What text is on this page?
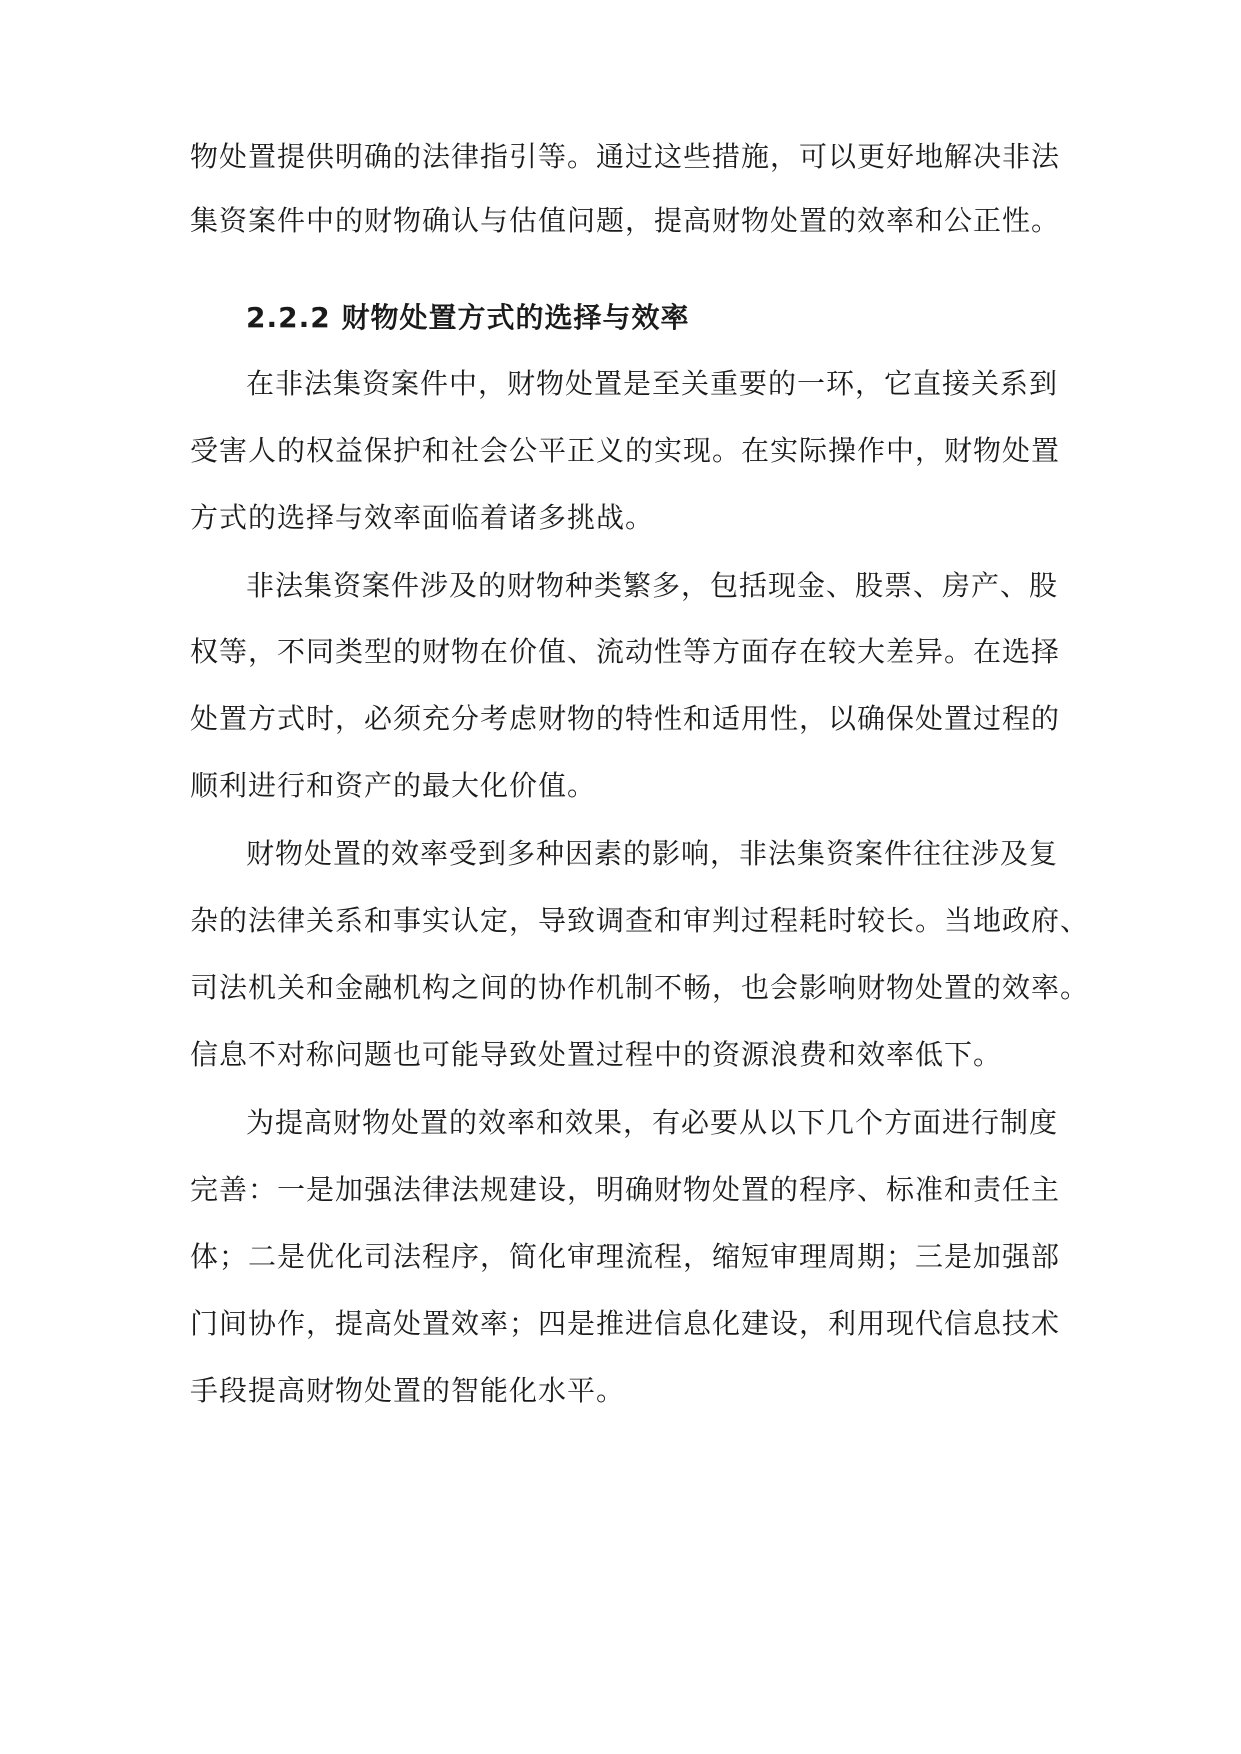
物处置提供明确的法律指引等。通过这些措施，可以更好地解决非法

集资案件中的财物确认与估值问题，提高财物处置的效率和公正性。

2.2.2 财物处置方式的选择与效率

在非法集资案件中，财物处置是至关重要的一环，它直接关系到

受害人的权益保护和社会公平正义的实现。在实际操作中，财物处置

方式的选择与效率面临着诸多挑战。

非法集资案件涉及的财物种类繁多，包括现金、股票、房产、股

权等，不同类型的财物在价值、流动性等方面存在较大差异。在选择

处置方式时，必须充分考虑财物的特性和适用性，以确保处置过程的

顺利进行和资产的最大化价值。

财物处置的效率受到多种因素的影响，非法集资案件往往涉及复

杂的法律关系和事实认定，导致调查和审判过程耗时较长。当地政府、

司法机关和金融机构之间的协作机制不畅，也会影响财物处置的效率。

信息不对称问题也可能导致处置过程中的资源浪费和效率低下。

为提高财物处置的效率和效果，有必要从以下几个方面进行制度

完善：一是加强法律法规建设，明确财物处置的程序、标准和责任主

体；二是优化司法程序，简化审理流程，缩短审理周期；三是加强部

门间协作，提高处置效率；四是推进信息化建设，利用现代信息技术

手段提高财物处置的智能化水平。
